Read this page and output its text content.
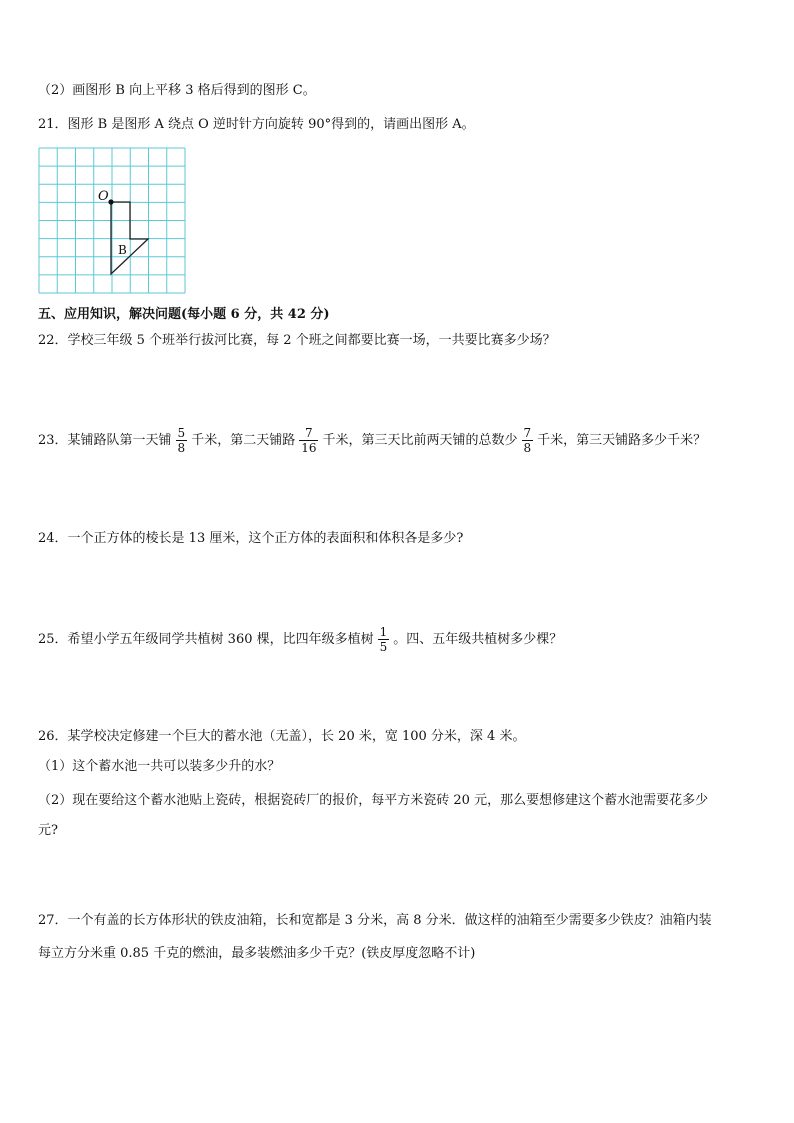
（2）画图形 B 向上平移 3 格后得到的图形 C。
21．图形 B 是图形 A 绕点 O 逆时针方向旋转 90°得到的，请画出图形 A。
O
B
五、应用知识，解决问题(每小题 6 分，共 42 分)
22．学校三年级 5 个班举行拔河比赛，每 2 个班之间都要比赛一场，一共要比赛多少场？
23．某铺路队第一天铺 $\frac{5}{8}$ 千米，第二天铺路 $\frac{7}{16}$ 千米，第三天比前两天铺的总数少 $\frac{7}{8}$ 千米，第三天铺路多少千米？
24．一个正方体的棱长是 13 厘米，这个正方体的表面积和体积各是多少?
25．希望小学五年级同学共植树 360 棵，比四年级多植树 $\frac{1}{5}$ 。四、五年级共植树多少棵？
26．某学校决定修建一个巨大的蓄水池（无盖），长 20 米，宽 100 分米，深 4 米。
（1）这个蓄水池一共可以装多少升的水？
（2）现在要给这个蓄水池贴上瓷砖，根据瓷砖厂的报价，每平方米瓷砖 20 元，那么要想修建这个蓄水池需要花多少
元?
27．一个有盖的长方体形状的铁皮油箱，长和宽都是 3 分米，高 8 分米．做这样的油箱至少需要多少铁皮？油箱内装
每立方分米重 0.85 千克的燃油，最多装燃油多少千克？(铁皮厚度忽略不计)
